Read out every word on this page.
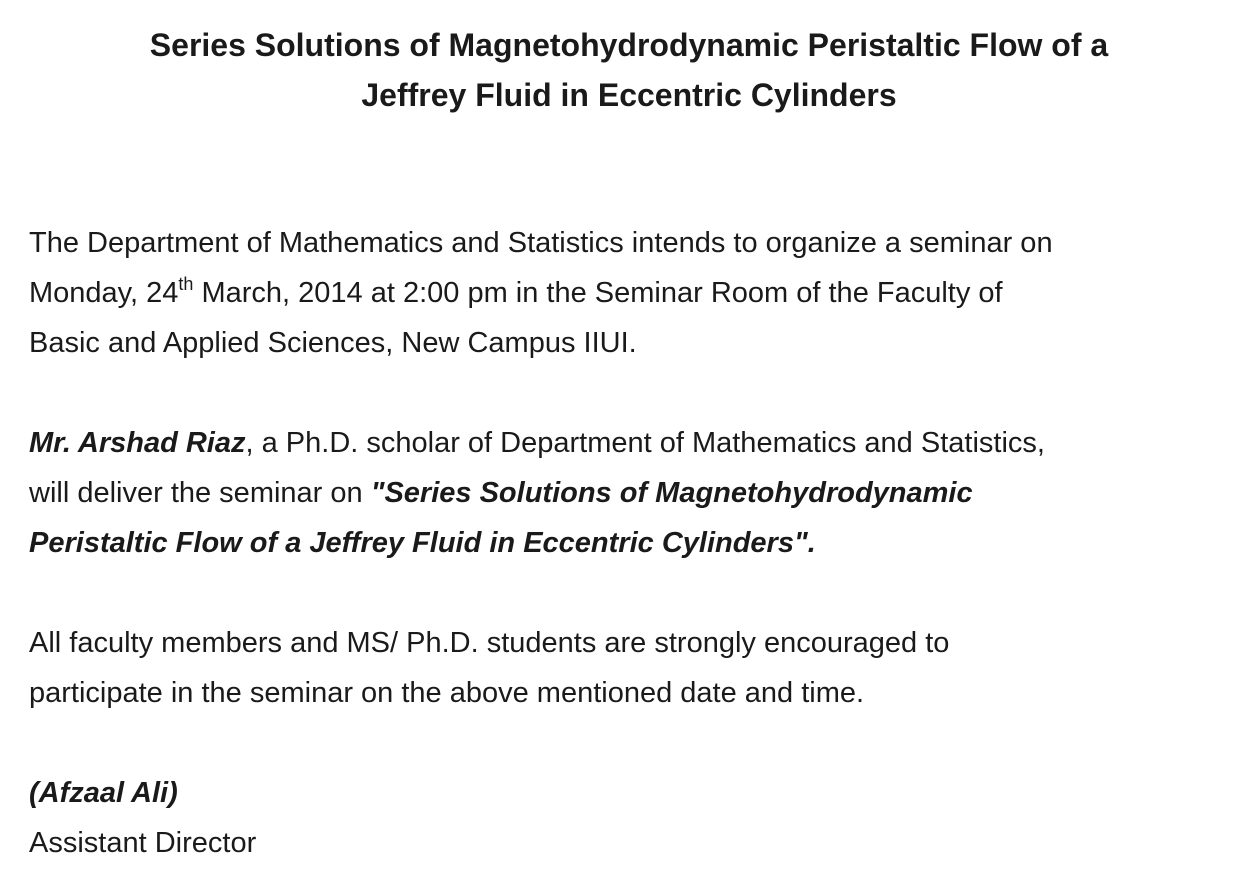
Series Solutions of Magnetohydrodynamic Peristaltic Flow of a
Jeffrey Fluid in Eccentric Cylinders

The Department of Mathematics and Statistics intends to organize a seminar on
Monday, 24th March, 2014 at 2:00 pm in the Seminar Room of the Faculty of
Basic and Applied Sciences, New Campus IIUI.

Mr. Arshad Riaz, a Ph.D. scholar of Department of Mathematics and Statistics,
will deliver the seminar on "Series Solutions of Magnetohydrodynamic
Peristaltic Flow of a Jeffrey Fluid in Eccentric Cylinders".

All faculty members and MS/ Ph.D. students are strongly encouraged to
participate in the seminar on the above mentioned date and time.

(Afzaal Ali)
Assistant Director
